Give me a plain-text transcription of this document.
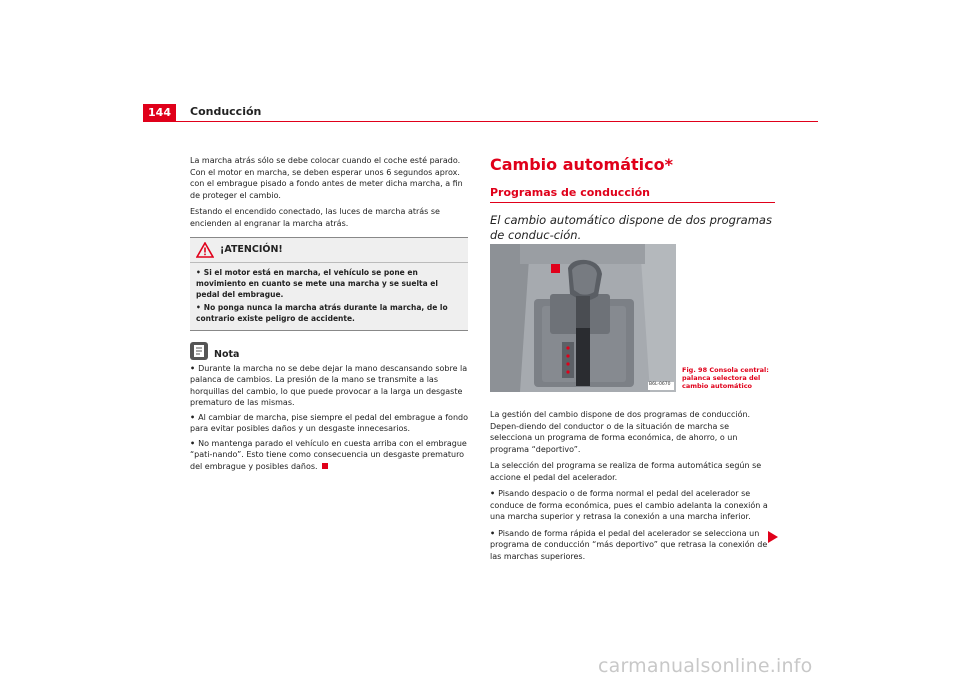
144	Conducción

La marcha atrás sólo se debe colocar cuando el coche esté parado. Con el motor en marcha, se deben esperar unos 6 segundos aprox. con el embrague pisado a fondo antes de meter dicha marcha, a fin de proteger el cambio.

Estando el encendido conectado, las luces de marcha atrás se encienden al engranar la marcha atrás.

¡ATENCIÓN!

• Si el motor está en marcha, el vehículo se pone en movimiento en cuanto se mete una marcha y se suelta el pedal del embrague.

• No ponga nunca la marcha atrás durante la marcha, de lo contrario existe peligro de accidente.

Nota

• Durante la marcha no se debe dejar la mano descansando sobre la palanca de cambios. La presión de la mano se transmite a las horquillas del cambio, lo que puede provocar a la larga un desgaste prematuro de las mismas.

• Al cambiar de marcha, pise siempre el pedal del embrague a fondo para evitar posibles daños y un desgaste innecesarios.

• No mantenga parado el vehículo en cuesta arriba con el embrague “pati-nando”. Esto tiene como consecuencia un desgaste prematuro del embrague y posibles daños.

Cambio automático*
Programas de conducción

El cambio automático dispone de dos programas de conduc-ción.

B6L-0670
Fig. 98 Consola central: palanca selectora del cambio automático

La gestión del cambio dispone de dos programas de conducción. Depen-diendo del conductor o de la situación de marcha se selecciona un programa de forma económica, de ahorro, o un programa “deportivo”.

La selección del programa se realiza de forma automática según se accione el pedal del acelerador.

• Pisando despacio o de forma normal el pedal del acelerador se conduce de forma económica, pues el cambio adelanta la conexión a una marcha superior y retrasa la conexión a una marcha inferior.

• Pisando de forma rápida el pedal del acelerador se selecciona un programa de conducción “más deportivo” que retrasa la conexión de las marchas superiores.

carmanualsonline.info
